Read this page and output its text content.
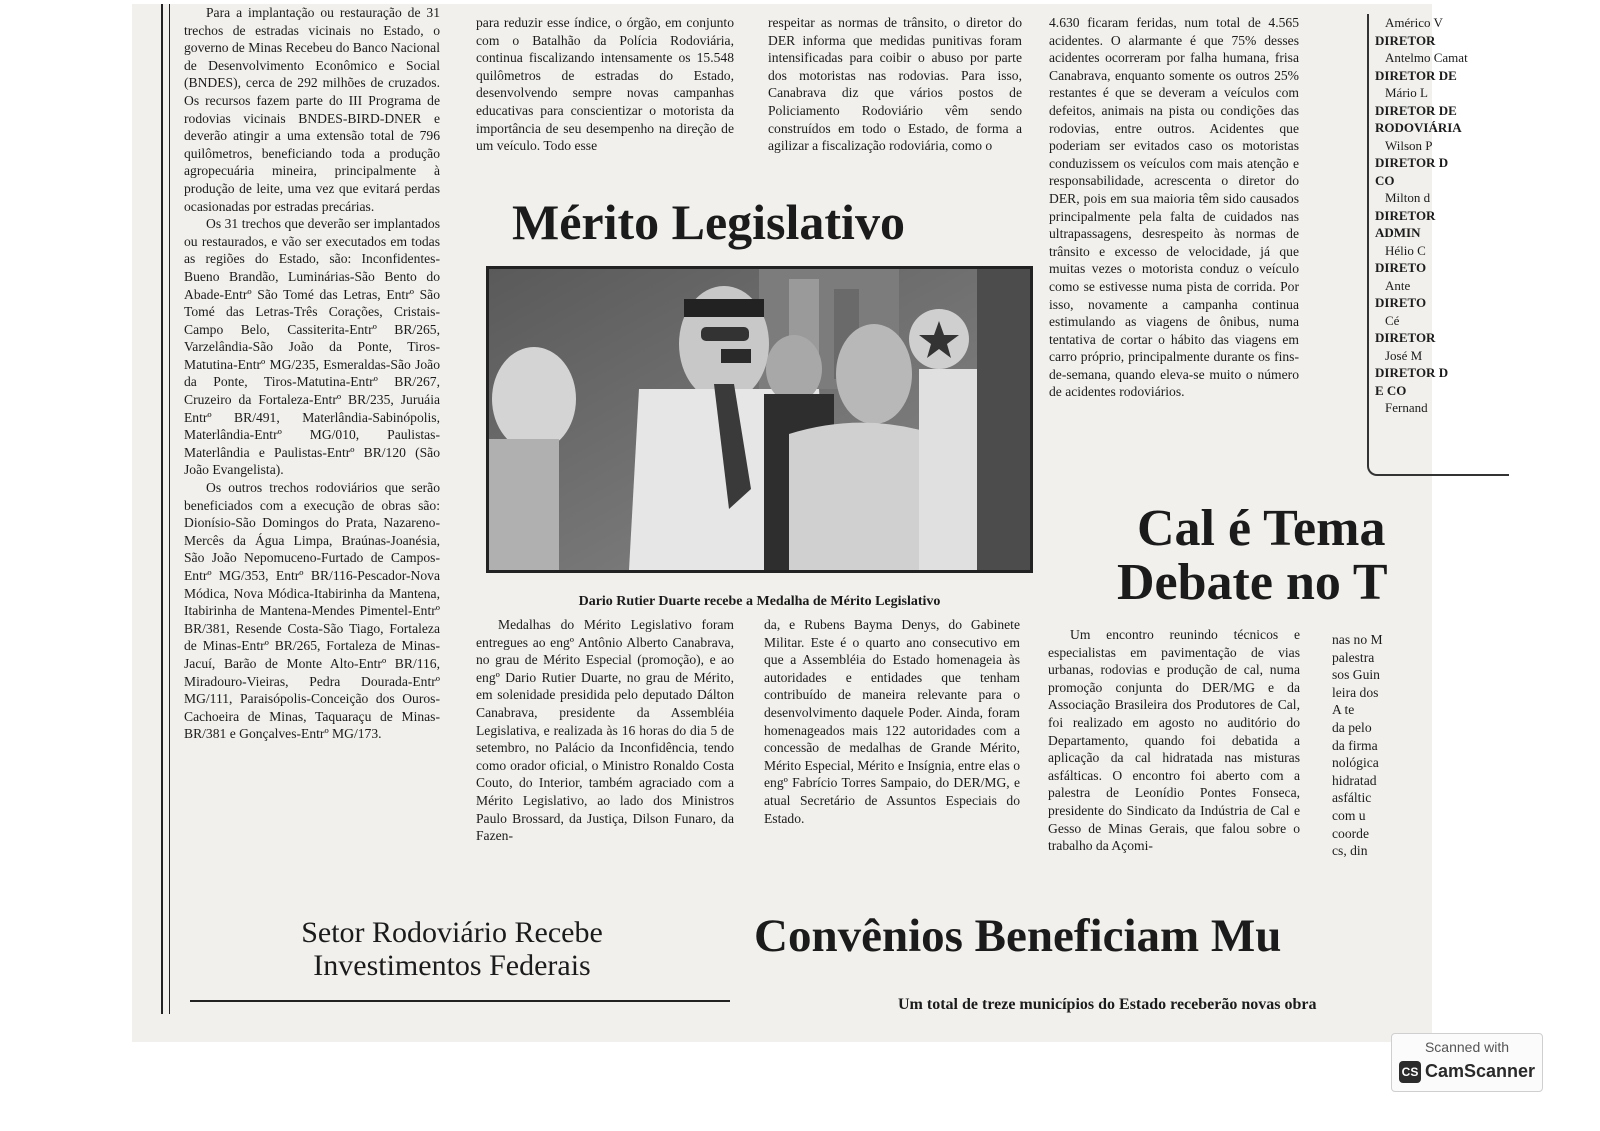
Para a implantação ou restauração de 31 trechos de estradas vicinais no Estado, o governo de Minas Recebeu do Banco Nacional de Desenvolvimento Econômico e Social (BNDES), cerca de 292 milhões de cruzados. Os recursos fazem parte do III Programa de rodovias vicinais BNDES-BIRD-DNER e deverão atingir a uma extensão total de 796 quilômetros, beneficiando toda a produção agropecuária mineira, principalmente à produção de leite, uma vez que evitará perdas ocasionadas por estradas precárias.

Os 31 trechos que deverão ser implantados ou restaurados, e vão ser executados em todas as regiões do Estado, são: Inconfidentes-Bueno Brandão, Luminárias-São Bento do Abade-Entrº São Tomé das Letras, Entrº São Tomé das Letras-Três Corações, Cristais-Campo Belo, Cassiterita-Entrº BR/265, Varzelândia-São João da Ponte, Tiros-Matutina-Entrº MG/235, Esmeraldas-São João da Ponte, Tiros-Matutina-Entrº BR/267, Cruzeiro da Fortaleza-Entrº BR/235, Juruáia Entrº BR/491, Materlândia-Sabinópolis, Materlândia-Entrº MG/010, Paulistas-Materlândia e Paulistas-Entrº BR/120 (São João Evangelista).

Os outros trechos rodoviários que serão beneficiados com a execução de obras são: Dionísio-São Domingos do Prata, Nazareno-Mercês da Água Limpa, Braúnas-Joanésia, São João Nepomuceno-Furtado de Campos-Entrº MG/353, Entrº BR/116-Pescador-Nova Módica, Nova Módica-Itabirinha da Mantena, Itabirinha de Mantena-Mendes Pimentel-Entrº BR/381, Resende Costa-São Tiago, Fortaleza de Minas-Entrº BR/265, Fortaleza de Minas-Jacuí, Barão de Monte Alto-Entrº BR/116, Miradouro-Vieiras, Pedra Dourada-Entrº MG/111, Paraisópolis-Conceição dos Ouros-Cachoeira de Minas, Taquaraçu de Minas-BR/381 e Gonçalves-Entrº MG/173.

para reduzir esse índice, o órgão, em conjunto com o Batalhão da Polícia Rodoviária, continua fiscalizando intensamente os 15.548 quilômetros de estradas do Estado, desenvolvendo sempre novas campanhas educativas para conscientizar o motorista da importância de seu desempenho na direção de um veículo. Todo esse

respeitar as normas de trânsito, o diretor do DER informa que medidas punitivas foram intensificadas para coibir o abuso por parte dos motoristas nas rodovias. Para isso, Canabrava diz que vários postos de Policiamento Rodoviário vêm sendo construídos em todo o Estado, de forma a agilizar a fiscalização rodoviária, como o

4.630 ficaram feridas, num total de 4.565 acidentes. O alarmante é que 75% desses acidentes ocorreram por falha humana, frisa Canabrava, enquanto somente os outros 25% restantes é que se deveram a veículos com defeitos, animais na pista ou condições das rodovias, entre outros. Acidentes que poderiam ser evitados caso os motoristas conduzissem os veículos com mais atenção e responsabilidade, acrescenta o diretor do DER, pois em sua maioria têm sido causados principalmente pela falta de cuidados nas ultrapassagens, desrespeito às normas de trânsito e excesso de velocidade, já que muitas vezes o motorista conduz o veículo como se estivesse numa pista de corrida. Por isso, novamente a campanha continua estimulando as viagens de ônibus, numa tentativa de cortar o hábito das viagens em carro próprio, principalmente durante os fins-de-semana, quando eleva-se muito o número de acidentes rodoviários.

Américo V
DIRETOR
Antelmo Camat
DIRETOR DE
Mário L
DIRETOR DE
RODOVIÁRIA
Wilson P
DIRETOR D
CO
Milton d
DIRETOR
ADMIN
Hélio C
DIRETO
Ante
DIRETO
Cé
DIRETOR
José M
DIRETOR D
E CO
Fernand
Mérito Legislativo
Dario Rutier Duarte recebe a Medalha de Mérito Legislativo

Medalhas do Mérito Legislativo foram entregues ao engº Antônio Alberto Canabrava, no grau de Mérito Especial (promoção), e ao engº Dario Rutier Duarte, no grau de Mérito, em solenidade presidida pelo deputado Dálton Canabrava, presidente da Assembléia Legislativa, e realizada às 16 horas do dia 5 de setembro, no Palácio da Inconfidência, tendo como orador oficial, o Ministro Ronaldo Costa Couto, do Interior, também agraciado com a Mérito Legislativo, ao lado dos Ministros Paulo Brossard, da Justiça, Dilson Funaro, da Fazen-

da, e Rubens Bayma Denys, do Gabinete Militar. Este é o quarto ano consecutivo em que a Assembléia do Estado homenageia às autoridades e entidades que tenham contribuído de maneira relevante para o desenvolvimento daquele Poder. Ainda, foram homenageados mais 122 autoridades com a concessão de medalhas de Grande Mérito, Mérito Especial, Mérito e Insígnia, entre elas o engº Fabrício Torres Sampaio, do DER/MG, e atual Secretário de Assuntos Especiais do Estado.

Cal é Tema
Debate no T

Um encontro reunindo técnicos e especialistas em pavimentação de vias urbanas, rodovias e produção de cal, numa promoção conjunta do DER/MG e da Associação Brasileira dos Produtores de Cal, foi realizado em agosto no auditório do Departamento, quando foi debatida a aplicação da cal hidratada nas misturas asfálticas. O encontro foi aberto com a palestra de Leonídio Pontes Fonseca, presidente do Sindicato da Indústria de Cal e Gesso de Minas Gerais, que falou sobre o trabalho da Açomi-

nas no M
palestra
sos Guin
leira dos
A te
da pelo
da firma
nológica
hidratad
asfáltic
com u
coorde
cs, din
Setor Rodoviário Recebe
Investimentos Federais
Convênios Beneficiam Mu
Um total de treze municípios do Estado receberão novas obra
Scanned with
CS CamScanner
